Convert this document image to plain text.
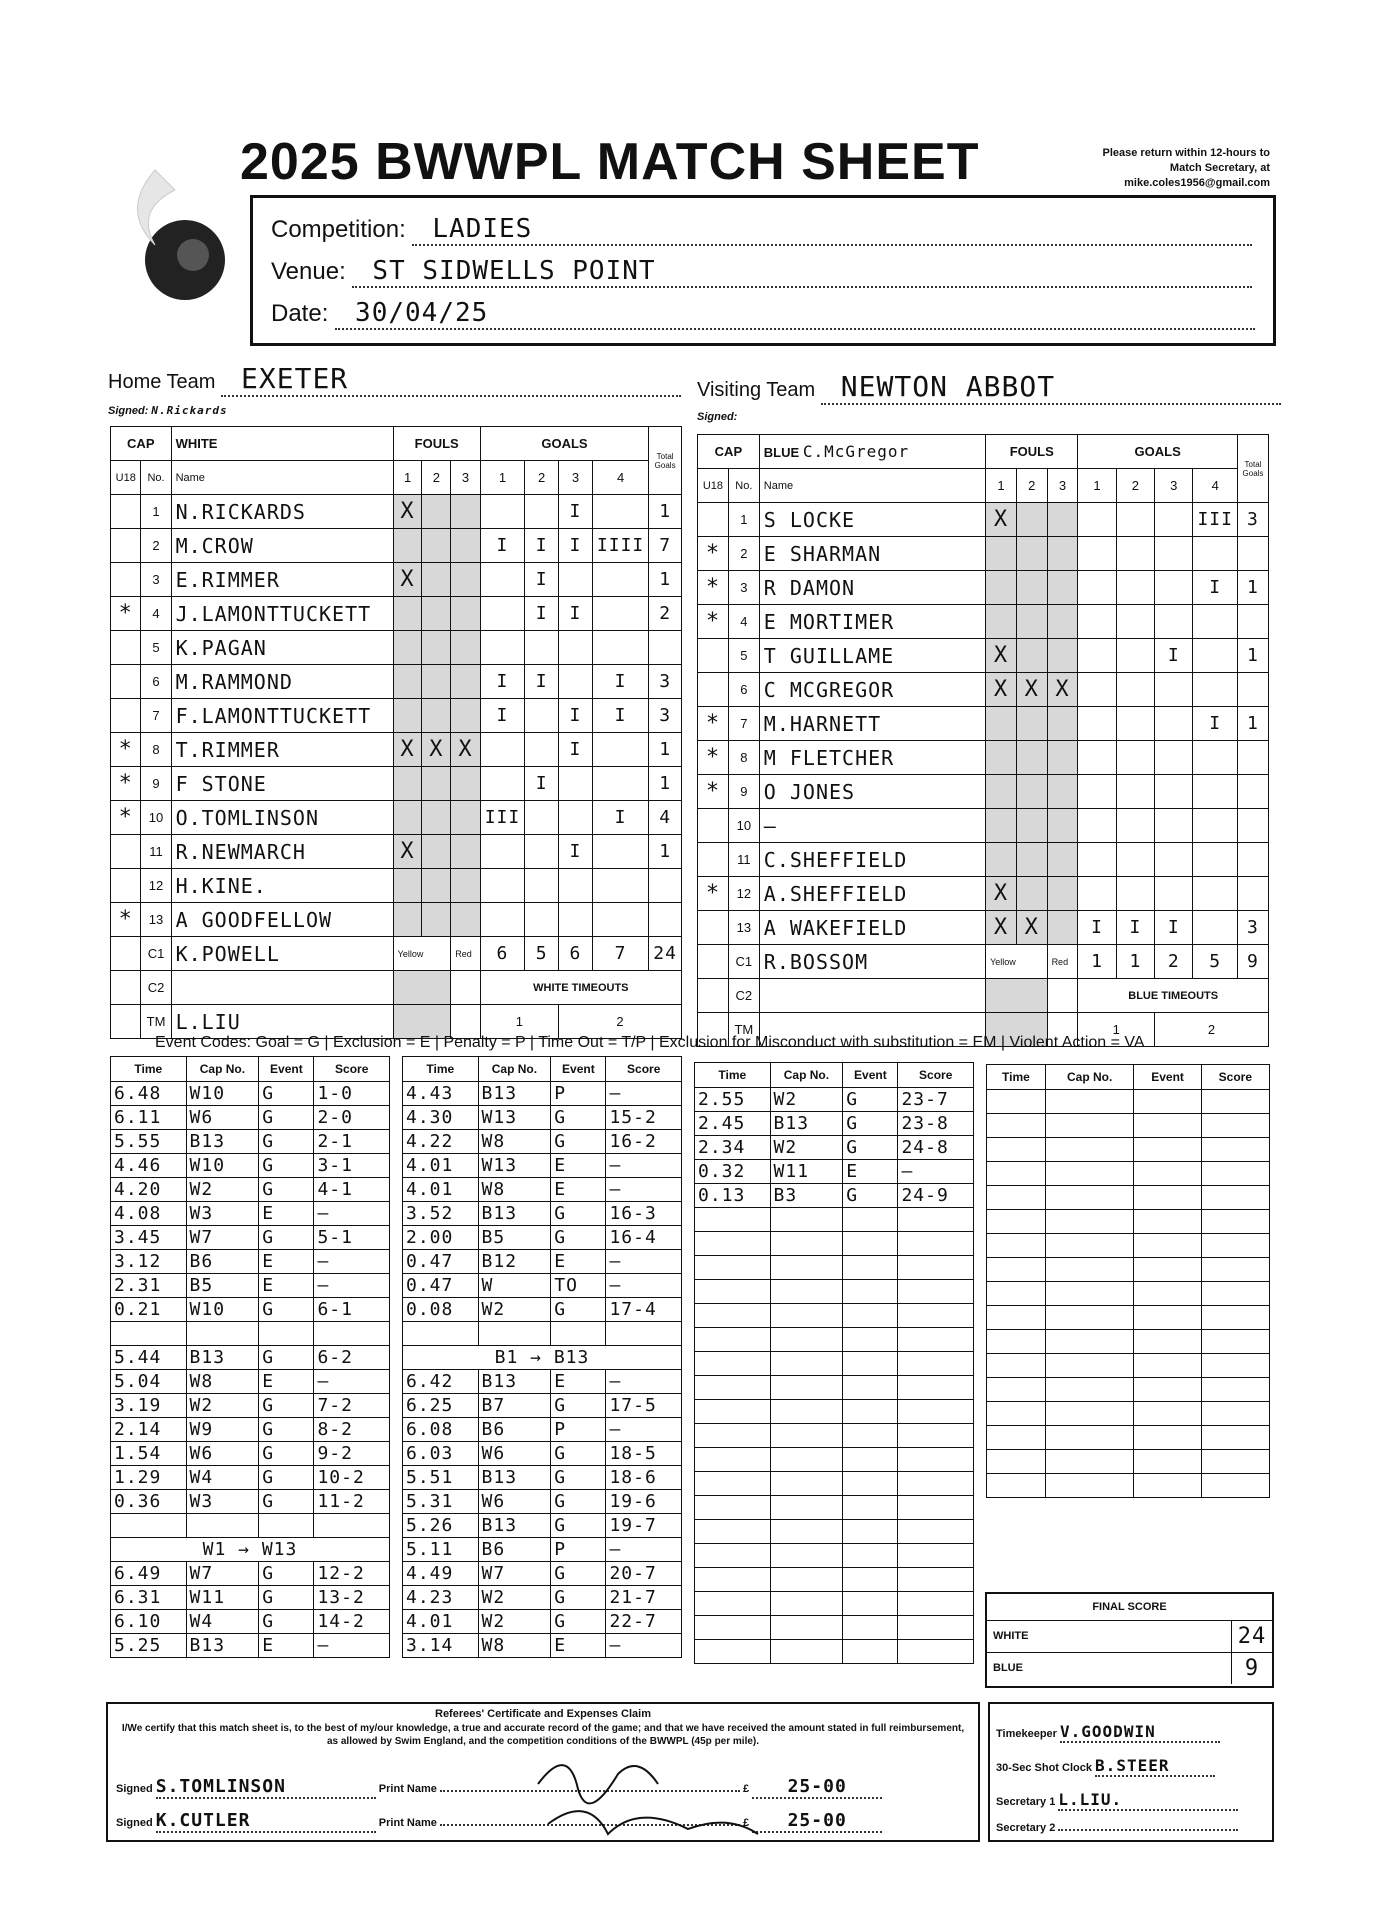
2025 BWWPL MATCH SHEET	Please return within 12-hours to Match Secretary, at mike.coles1956@gmail.com
Competition: LADIES
Venue: ST SIDWELLS POINT
Date: 30/04/25
Home Team EXETER	Visiting Team NEWTON ABBOT
Signed: N.Rickards	Signed:
CAP		WHITE	FOULS			GOALS				Total Goals
U18	No.	Name	1	2	3	1	2	3	4	
	1	N.RICKARDS	X					I		1
	2	M.CROW				I	I	I	IIII	7
	3	E.RIMMER	X				I			1
*	4	J.LAMONTTUCKETT					I	I		2
	5	K.PAGAN								
	6	M.RAMMOND				I	I		I	3
	7	F.LAMONTTUCKETT				I		I	I	3
*	8	T.RIMMER	X	X	X			I		1
*	9	F STONE					I			1
*	10	O.TOMLINSON				III			I	4
	11	R.NEWMARCH	X					I		1
	12	H.KINE.								
*	13	A GOODFELLOW								
	C1	K.POWELL	Yellow		Red	6	5	6	7	24
	C2					WHITE TIMEOUTS				
	TM	L.LIU				1		2		
CAP		BLUE C.McGregor	FOULS			GOALS				Total Goals
U18	No.	Name	1	2	3	1	2	3	4	
	1	S LOCKE	X						III	3
*	2	E SHARMAN								
*	3	R DAMON							I	1
*	4	E MORTIMER								
	5	T GUILLAME	X					I		1
	6	C MCGREGOR	X	X	X					
*	7	M.HARNETT							I	1
*	8	M FLETCHER								
*	9	O JONES								
	10	—								
	11	C.SHEFFIELD								
*	12	A.SHEFFIELD	X							
	13	A WAKEFIELD	X	X		I	I	I		3
	C1	R.BOSSOM	Yellow		Red	1	1	2	5	9
	C2					BLUE TIMEOUTS				
	TM					1		2		
Event Codes: Goal = G | Exclusion = E | Penalty = P | Time Out = T/P | Exclusion for Misconduct with substitution = EM | Violent Action = VA
Time	Cap No.	Event	Score
6.48	W10	G	1-0
6.11	W6	G	2-0
5.55	B13	G	2-1
4.46	W10	G	3-1
4.20	W2	G	4-1
4.08	W3	E	—
3.45	W7	G	5-1
3.12	B6	E	—
2.31	B5	E	—
0.21	W10	G	6-1

5.44	B13	G	6-2
5.04	W8	E	—
3.19	W2	G	7-2
2.14	W9	G	8-2
1.54	W6	G	9-2
1.29	W4	G	10-2
0.36	W3	G	11-2

W1 → W13			
6.49	W7	G	12-2
6.31	W11	G	13-2
6.10	W4	G	14-2
5.25	B13	E	—
Time	Cap No.	Event	Score
4.43	B13	P	—
4.30	W13	G	15-2
4.22	W8	G	16-2
4.01	W13	E	—
4.01	W8	E	—
3.52	B13	G	16-3
2.00	B5	G	16-4
0.47	B12	E	—
0.47	W	TO	—
0.08	W2	G	17-4

B1 → B13			
6.42	B13	E	—
6.25	B7	G	17-5
6.08	B6	P	—
6.03	W6	G	18-5
5.51	B13	G	18-6
5.31	W6	G	19-6
5.26	B13	G	19-7
5.11	B6	P	—
4.49	W7	G	20-7
4.23	W2	G	21-7
4.01	W2	G	22-7
3.14	W8	E	—
Time	Cap No.	Event	Score
2.55	W2	G	23-7
2.45	B13	G	23-8
2.34	W2	G	24-8
0.32	W11	E	—
0.13	B3	G	24-9

Time	Cap No.	Event	Score

FINAL SCORE
WHITE	24
BLUE	9
Referees' Certificate and Expenses Claim
I/We certify that this match sheet is, to the best of my/our knowledge, a true and accurate record of the game; and that we have received the amount stated in full reimbursement, as allowed by Swim England, and the competition conditions of the BWWPL (45p per mile).
Signed S.TOMLINSON	Print Name	£ 25-00
Signed K.CUTLER	Print Name	£ 25-00
Timekeeper V.GOODWIN
30-Sec Shot Clock B.STEER
Secretary 1 L.LIU.
Secretary 2
